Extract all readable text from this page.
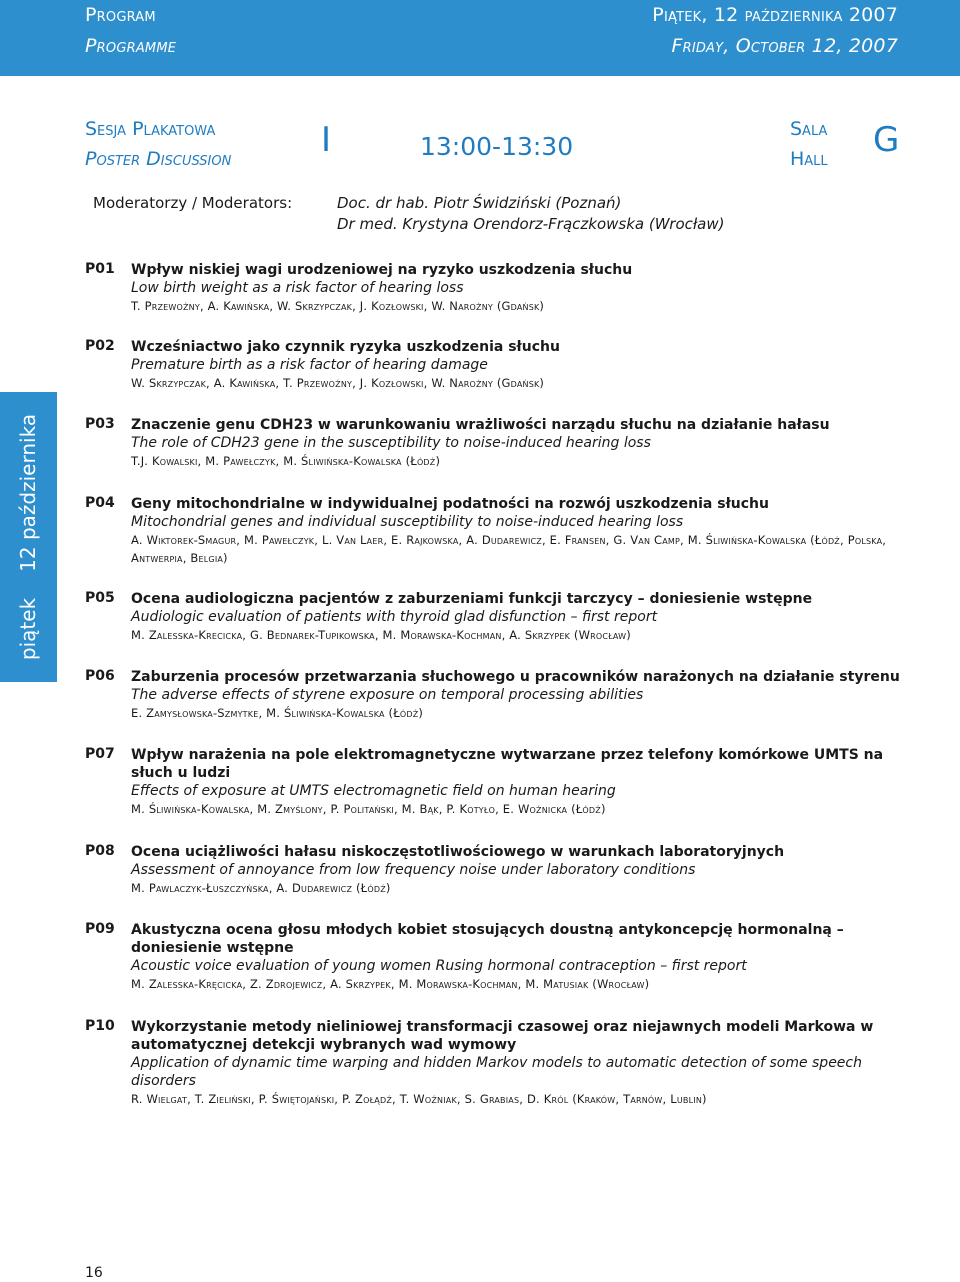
Program
Programme
Piątek, 12 października 2007
Friday, October 12, 2007
Sesja Plakatowa
Poster Discussion	I	13:00-13:30
Sala
Hall G
Moderatorzy / Moderators:	Doc. dr hab. Piotr Świdziński (Poznań)
Dr med. Krystyna Orendorz-Frączkowska (Wrocław)
piątek12 października
P01 Wpływ niskiej wagi urodzeniowej na ryzyko uszkodzenia słuchu
Low birth weight as a risk factor of hearing loss
T. Przewoźny, A. Kawińska, W. Skrzypczak, J. Kozłowski, W. Narożny (Gdańsk)
P02 Wcześniactwo jako czynnik ryzyka uszkodzenia słuchu
Premature birth as a risk factor of hearing damage
W. Skrzypczak, A. Kawińska, T. Przewoźny, J. Kozłowski, W. Narożny (Gdańsk)
P03 Znaczenie genu CDH23 w warunkowaniu wrażliwości narządu słuchu na działanie hałasu
The role of CDH23 gene in the susceptibility to noise-induced hearing loss
T.J. Kowalski, M. Pawełczyk, M. Śliwińska-Kowalska (Łódź)
P04 Geny mitochondrialne w indywidualnej podatności na rozwój uszkodzenia słuchu
Mitochondrial genes and individual susceptibility to noise-induced hearing loss
A. Wiktorek-Smagur, M. Pawełczyk, L. Van Laer, E. Rajkowska, A. Dudarewicz, E. Fransen, G. Van Camp, M. Śliwińska-Kowalska (Łódź, Polska, Antwerpia, Belgia)
P05 Ocena audiologiczna pacjentów z zaburzeniami funkcji tarczycy – doniesienie wstępne
Audiologic evaluation of patients with thyroid glad disfunction – first report
M. Zalesska-Krecicka, G. Bednarek-Tupikowska, M. Morawska-Kochman, A. Skrzypek (Wrocław)
P06 Zaburzenia procesów przetwarzania słuchowego u pracowników narażonych na działanie styrenu
The adverse effects of styrene exposure on temporal processing abilities
E. Zamysłowska-Szmytke, M. Śliwińska-Kowalska (Łódź)
P07 Wpływ narażenia na pole elektromagnetyczne wytwarzane przez telefony komórkowe UMTS na słuch u ludzi
Effects of exposure at UMTS electromagnetic field on human hearing
M. Śliwińska-Kowalska, M. Zmyślony, P. Politański, M. Bąk, P. Kotyło, E. Woźnicka (Łódź)
P08 Ocena uciążliwości hałasu niskoczęstotliwościowego w warunkach laboratoryjnych
Assessment of annoyance from low frequency noise under laboratory conditions
M. Pawlaczyk-Łuszczyńska, A. Dudarewicz (Łódź)
P09 Akustyczna ocena głosu młodych kobiet stosujących doustną antykoncepcję hormonalną – doniesienie wstępne
Acoustic voice evaluation of young women Rusing hormonal contraception – first report
M. Zalesska-Kręcicka, Z. Zdrojewicz, A. Skrzypek, M. Morawska-Kochman, M. Matusiak (Wrocław)
P10 Wykorzystanie metody nieliniowej transformacji czasowej oraz niejawnych modeli Markowa w automatycznej detekcji wybranych wad wymowy
Application of dynamic time warping and hidden Markov models to automatic detection of some speech disorders
R. Wielgat, T. Zieliński, P. Świętojański, P. Zołądź, T. Woźniak, S. Grabias, D. Król (Kraków, Tarnów, Lublin)
16
